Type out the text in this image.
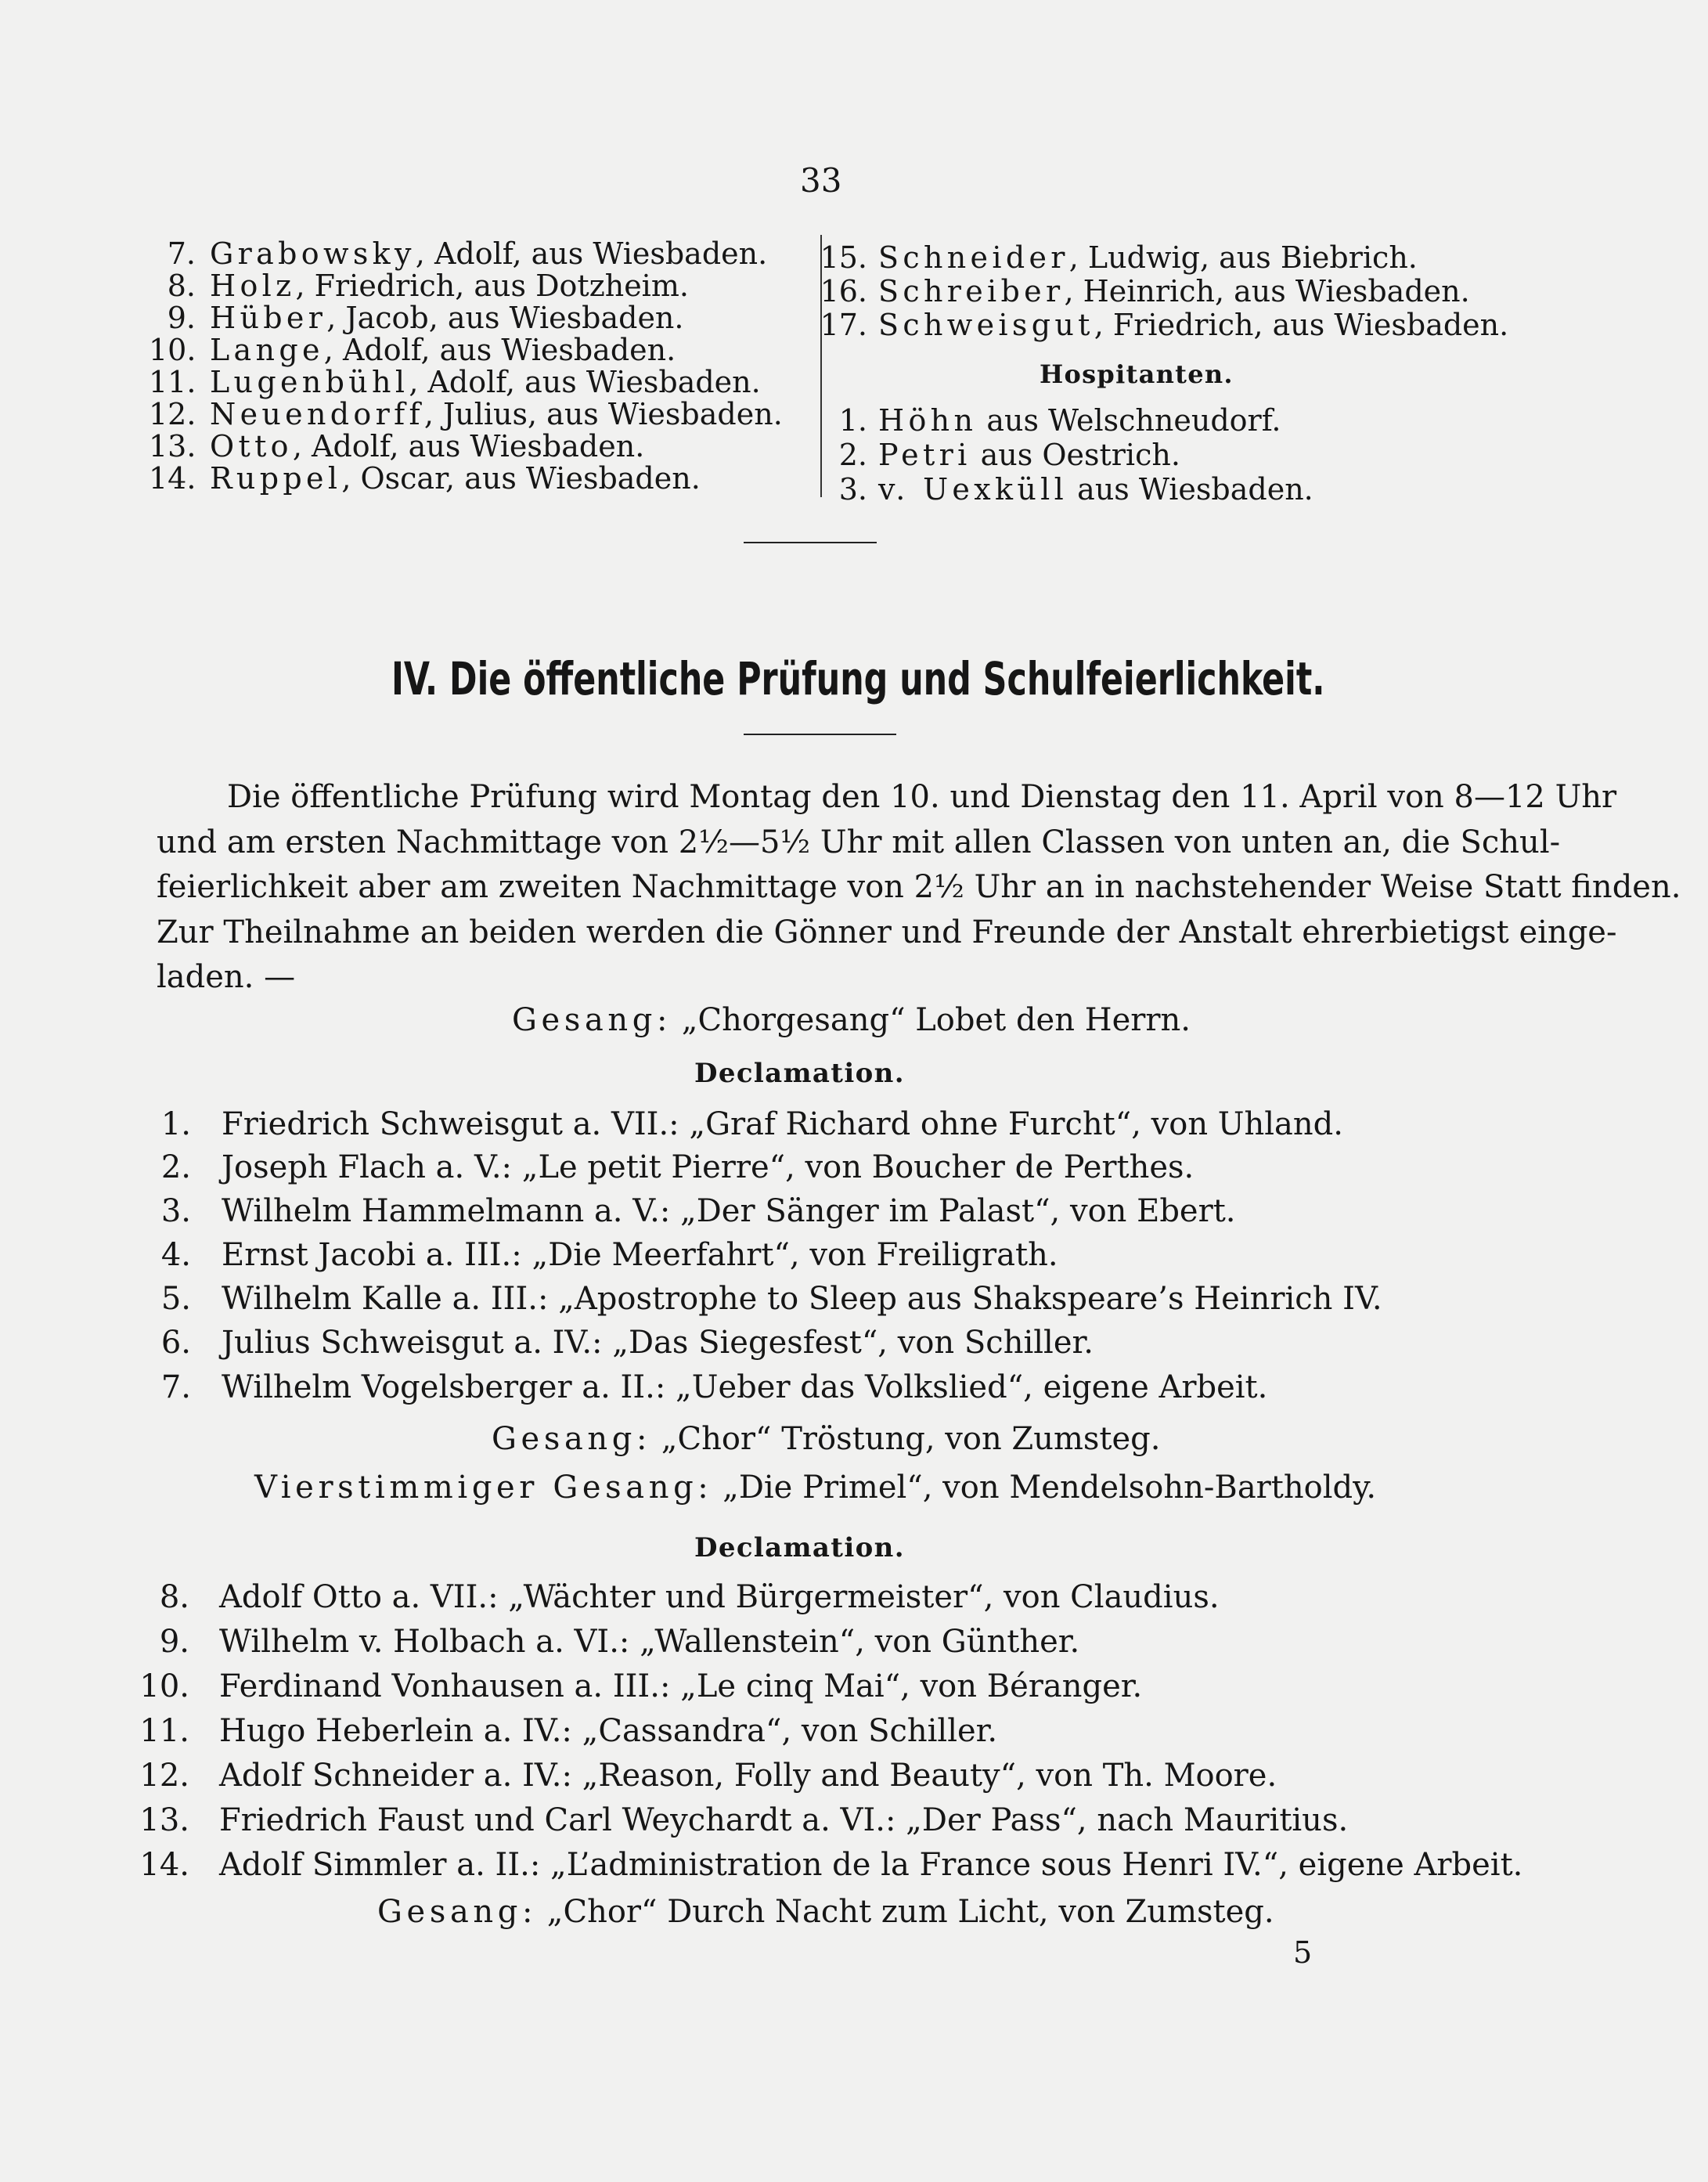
33
7. Grabowsky, Adolf, aus Wiesbaden.
8. Holz, Friedrich, aus Dotzheim.
9. Hüber, Jacob, aus Wiesbaden.
10. Lange, Adolf, aus Wiesbaden.
11. Lugenbühl, Adolf, aus Wiesbaden.
12. Neuendorff, Julius, aus Wiesbaden.
13. Otto, Adolf, aus Wiesbaden.
14. Ruppel, Oscar, aus Wiesbaden.
15. Schneider, Ludwig, aus Biebrich.
16. Schreiber, Heinrich, aus Wiesbaden.
17. Schweisgut, Friedrich, aus Wiesbaden.
Hospitanten.
1. Höhn aus Welschneudorf.
2. Petri aus Oestrich.
3. v. Uexküll aus Wiesbaden.
IV. Die öffentliche Prüfung und Schulfeierlichkeit.
Die öffentliche Prüfung wird Montag den 10. und Dienstag den 11. April von 8—12 Uhr
und am ersten Nachmittage von 2½—5½ Uhr mit allen Classen von unten an, die Schul-
feierlichkeit aber am zweiten Nachmittage von 2½ Uhr an in nachstehender Weise Statt finden.
Zur Theilnahme an beiden werden die Gönner und Freunde der Anstalt ehrerbietigst einge-
laden. —
Gesang: „Chorgesang“ Lobet den Herrn.
Declamation.
1. Friedrich Schweisgut a. VII.: „Graf Richard ohne Furcht“, von Uhland.
2. Joseph Flach a. V.: „Le petit Pierre“, von Boucher de Perthes.
3. Wilhelm Hammelmann a. V.: „Der Sänger im Palast“, von Ebert.
4. Ernst Jacobi a. III.: „Die Meerfahrt“, von Freiligrath.
5. Wilhelm Kalle a. III.: „Apostrophe to Sleep aus Shakspeare’s Heinrich IV.
6. Julius Schweisgut a. IV.: „Das Siegesfest“, von Schiller.
7. Wilhelm Vogelsberger a. II.: „Ueber das Volkslied“, eigene Arbeit.
Gesang: „Chor“ Tröstung, von Zumsteg.
Vierstimmiger Gesang: „Die Primel“, von Mendelsohn-Bartholdy.
Declamation.
8. Adolf Otto a. VII.: „Wächter und Bürgermeister“, von Claudius.
9. Wilhelm v. Holbach a. VI.: „Wallenstein“, von Günther.
10. Ferdinand Vonhausen a. III.: „Le cinq Mai“, von Béranger.
11. Hugo Heberlein a. IV.: „Cassandra“, von Schiller.
12. Adolf Schneider a. IV.: „Reason, Folly and Beauty“, von Th. Moore.
13. Friedrich Faust und Carl Weychardt a. VI.: „Der Pass“, nach Mauritius.
14. Adolf Simmler a. II.: „L’administration de la France sous Henri IV.“, eigene Arbeit.
Gesang: „Chor“ Durch Nacht zum Licht, von Zumsteg.
5
